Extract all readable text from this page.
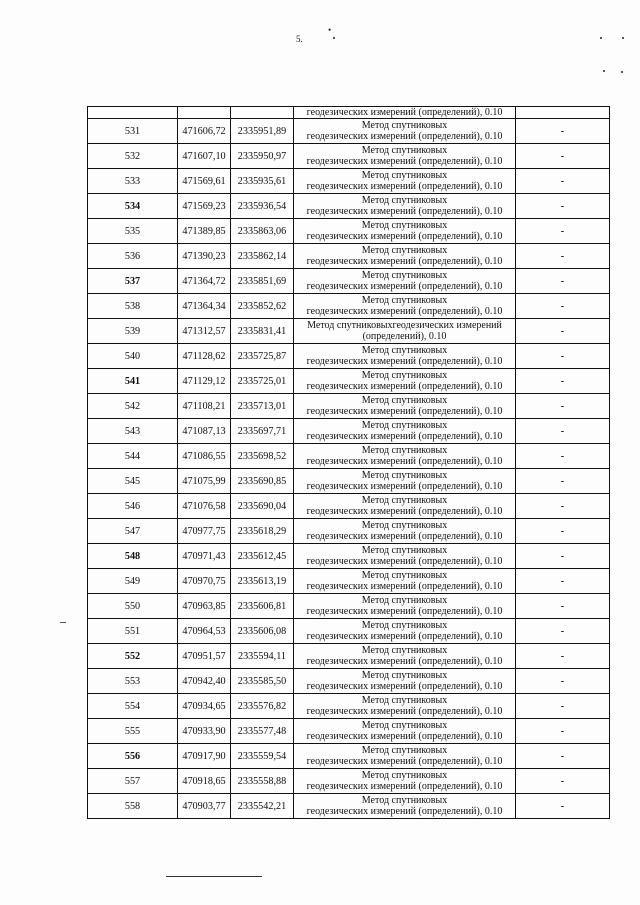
5.
•

			геодезических измерений (определений), 0.10	

531	471606,72	2335951,89	Метод спутниковых
геодезических измерений (определений), 0.10	-
532	471607,10	2335950,97	Метод спутниковых
геодезических измерений (определений), 0.10	-
533	471569,61	2335935,61	Метод спутниковых
геодезических измерений (определений), 0.10	-
534	471569,23	2335936,54	Метод спутниковых
геодезических измерений (определений), 0.10	-
535	471389,85	2335863,06	Метод спутниковых
геодезических измерений (определений), 0.10	-
536	471390,23	2335862,14	Метод спутниковых
геодезических измерений (определений), 0.10	-
537	471364,72	2335851,69	Метод спутниковых
геодезических измерений (определений), 0.10	-
538	471364,34	2335852,62	Метод спутниковых
геодезических измерений (определений), 0.10	-
539	471312,57	2335831,41	Метод спутниковыхгеодезических измерений
(определений), 0.10	-
540	471128,62	2335725,87	Метод спутниковых
геодезических измерений (определений), 0.10	-
541	471129,12	2335725,01	Метод спутниковых
геодезических измерений (определений), 0.10	-
542	471108,21	2335713,01	Метод спутниковых
геодезических измерений (определений), 0.10	-
543	471087,13	2335697,71	Метод спутниковых
геодезических измерений (определений), 0.10	-
544	471086,55	2335698,52	Метод спутниковых
геодезических измерений (определений), 0.10	-
545	471075,99	2335690,85	Метод спутниковых
геодезических измерений (определений), 0.10	-
546	471076,58	2335690,04	Метод спутниковых
геодезических измерений (определений), 0.10	-
547	470977,75	2335618,29	Метод спутниковых
геодезических измерений (определений), 0.10	-
548	470971,43	2335612,45	Метод спутниковых
геодезических измерений (определений), 0.10	-
549	470970,75	2335613,19	Метод спутниковых
геодезических измерений (определений), 0.10	-
550	470963,85	2335606,81	Метод спутниковых
геодезических измерений (определений), 0.10	-
551	470964,53	2335606,08	Метод спутниковых
геодезических измерений (определений), 0.10	-
552	470951,57	2335594,11	Метод спутниковых
геодезических измерений (определений), 0.10	-
553	470942,40	2335585,50	Метод спутниковых
геодезических измерений (определений), 0.10	-
554	470934,65	2335576,82	Метод спутниковых
геодезических измерений (определений), 0.10	-
555	470933,90	2335577,48	Метод спутниковых
геодезических измерений (определений), 0.10	-
556	470917,90	2335559,54	Метод спутниковых
геодезических измерений (определений), 0.10	-
557	470918,65	2335558,88	Метод спутниковых
геодезических измерений (определений), 0.10	-
558	470903,77	2335542,21	Метод спутниковых
геодезических измерений (определений), 0.10	-
